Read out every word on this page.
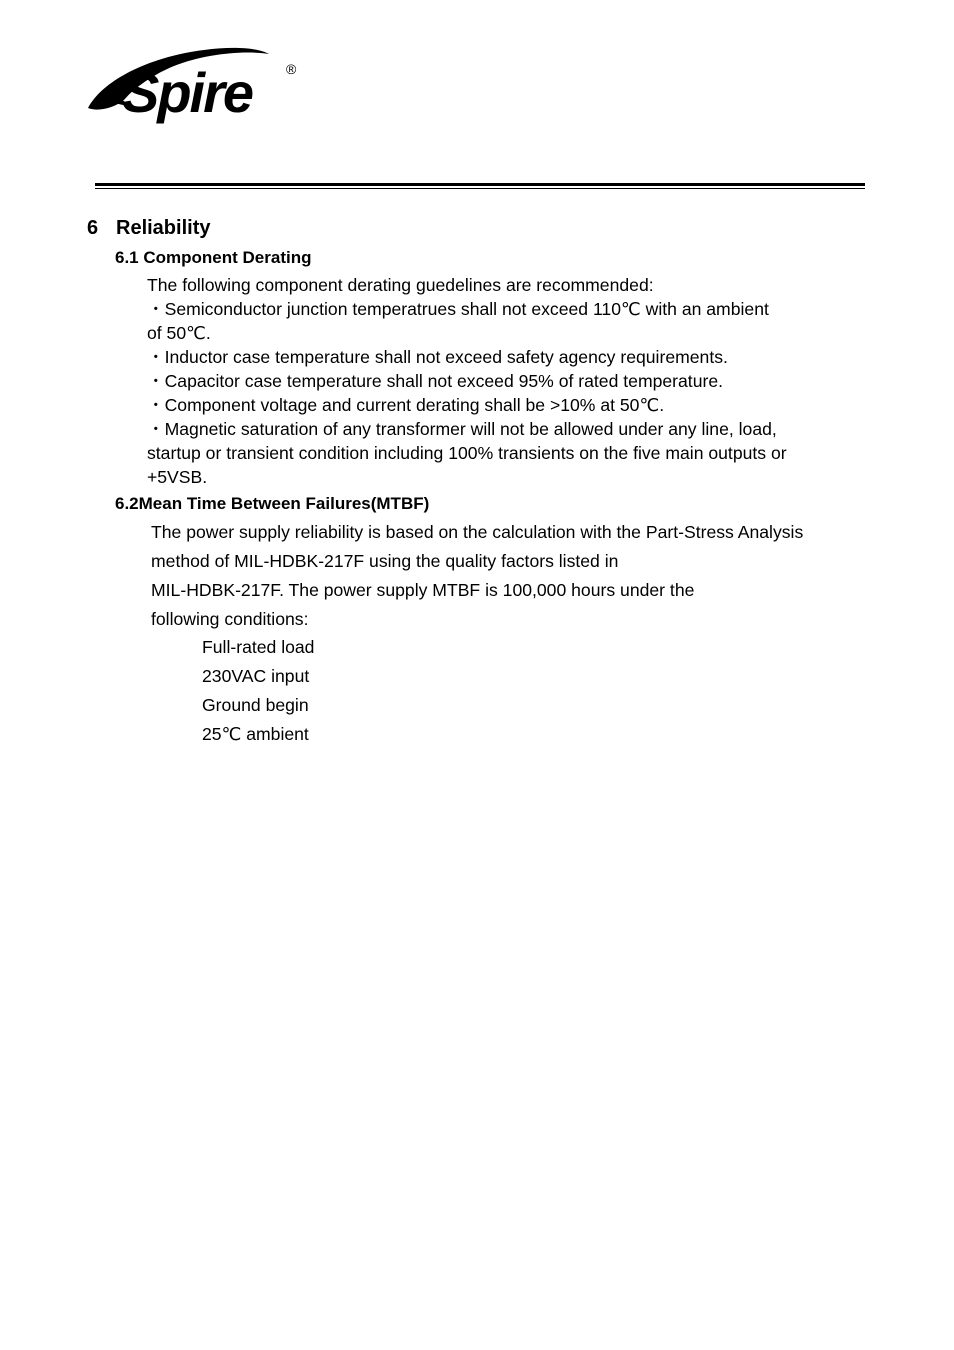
Spire ®
6 Reliability
6.1 Component Derating
The following component derating guedelines are recommended:
・Semiconductor junction temperatrues shall not exceed 110℃ with an ambient
of 50℃.
・Inductor case temperature shall not exceed safety agency requirements.
・Capacitor case temperature shall not exceed 95% of rated temperature.
・Component voltage and current derating shall be >10% at 50℃.
・Magnetic saturation of any transformer will not be allowed under any line, load,
startup or transient condition including 100% transients on the five main outputs or
+5VSB.
6.2Mean Time Between Failures(MTBF)
The power supply reliability is based on the calculation with the Part-Stress Analysis
method of MIL-HDBK-217F using the quality factors listed in
MIL-HDBK-217F. The power supply MTBF is 100,000 hours under the
following conditions:
Full-rated load
230VAC input
Ground begin
25℃ ambient
